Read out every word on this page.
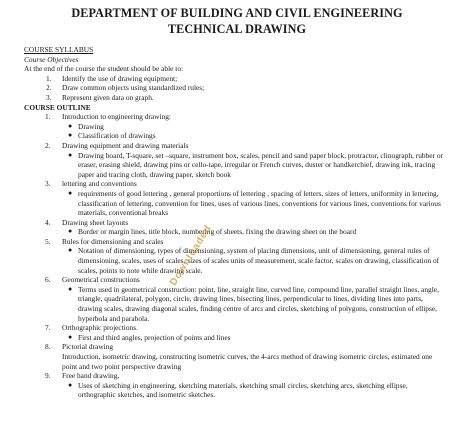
DEPARTMENT OF BUILDING AND CIVIL ENGINEERING
TECHNICAL DRAWING
COURSE SYLLABUS
Course Objectives
At the end of the course the student should be able to:
1.	Identify the use of drawing equipment;
2.	Draw common objects using standardized rules;
3.	Represent given data on graph.
COURSE OUTLINE
1.	Introduction to engineering drawing:
● Drawing
● Classification of drawings
2.	Drawing equipment and drawing materials
● Drawing board, T-square, set –square, instrument box, scales, pencil and sand paper block, protractor, clinograph, rubber or eraser, erasing shield, drawing pins or cello-tape, irregular or French curves, duster or handkerchief, drawing ink, tracing paper and tracing cloth, drawing paper, sketch book
3.	lettering and conventions
● requirements of good lettering , general proportions of lettering , spacing of letters, sizes of letters, uniformity in lettering, classification of lettering, convention for lines, uses of various lines, conventions for various lines, conventions for various materials, conventional breaks
4.	Drawing sheet layouts
● Border or margin lines, title block, numbering of sheets, fixing the drawing sheet on the board
5.	Rules for dimensioning and scales
● Notation of dimensioning, types of dimensioning, system of placing dimensions, unit of dimensioning, general rules of dimensioning, scales, uses of scales, sizes of scales units of measurement, scale factor, scales on drawing, classification of scales, points to note while drawing scale.
6.	Geometrical constructions
● Terms used in geometrical construction: point, line, straight line, curved line, compound line, parallel straight lines, angle, triangle, quadrilateral, polygon, circle, drawing lines, bisecting lines, perpendicular to lines, dividing lines into parts, drawing scales, drawing diagonal scales, finding centre of arcs and circles, sketching of polygons, construction of ellipse, hyperbola and parabola.
7.	Orthographic projections.
● First and third angles, projection of points and lines
8.	Pictorial drawing
Introduction, isometric drawing, constructing isometric curves, the 4-arcs method of drawing isometric circles, estimated one point and two point perspective drawing
9.	Free hand drawing,
● Uses of sketching in engineering, sketching materials, sketching small circles, sketching arcs, sketching ellipse, orthographic sketches, and isometric sketches.
Downloaded
